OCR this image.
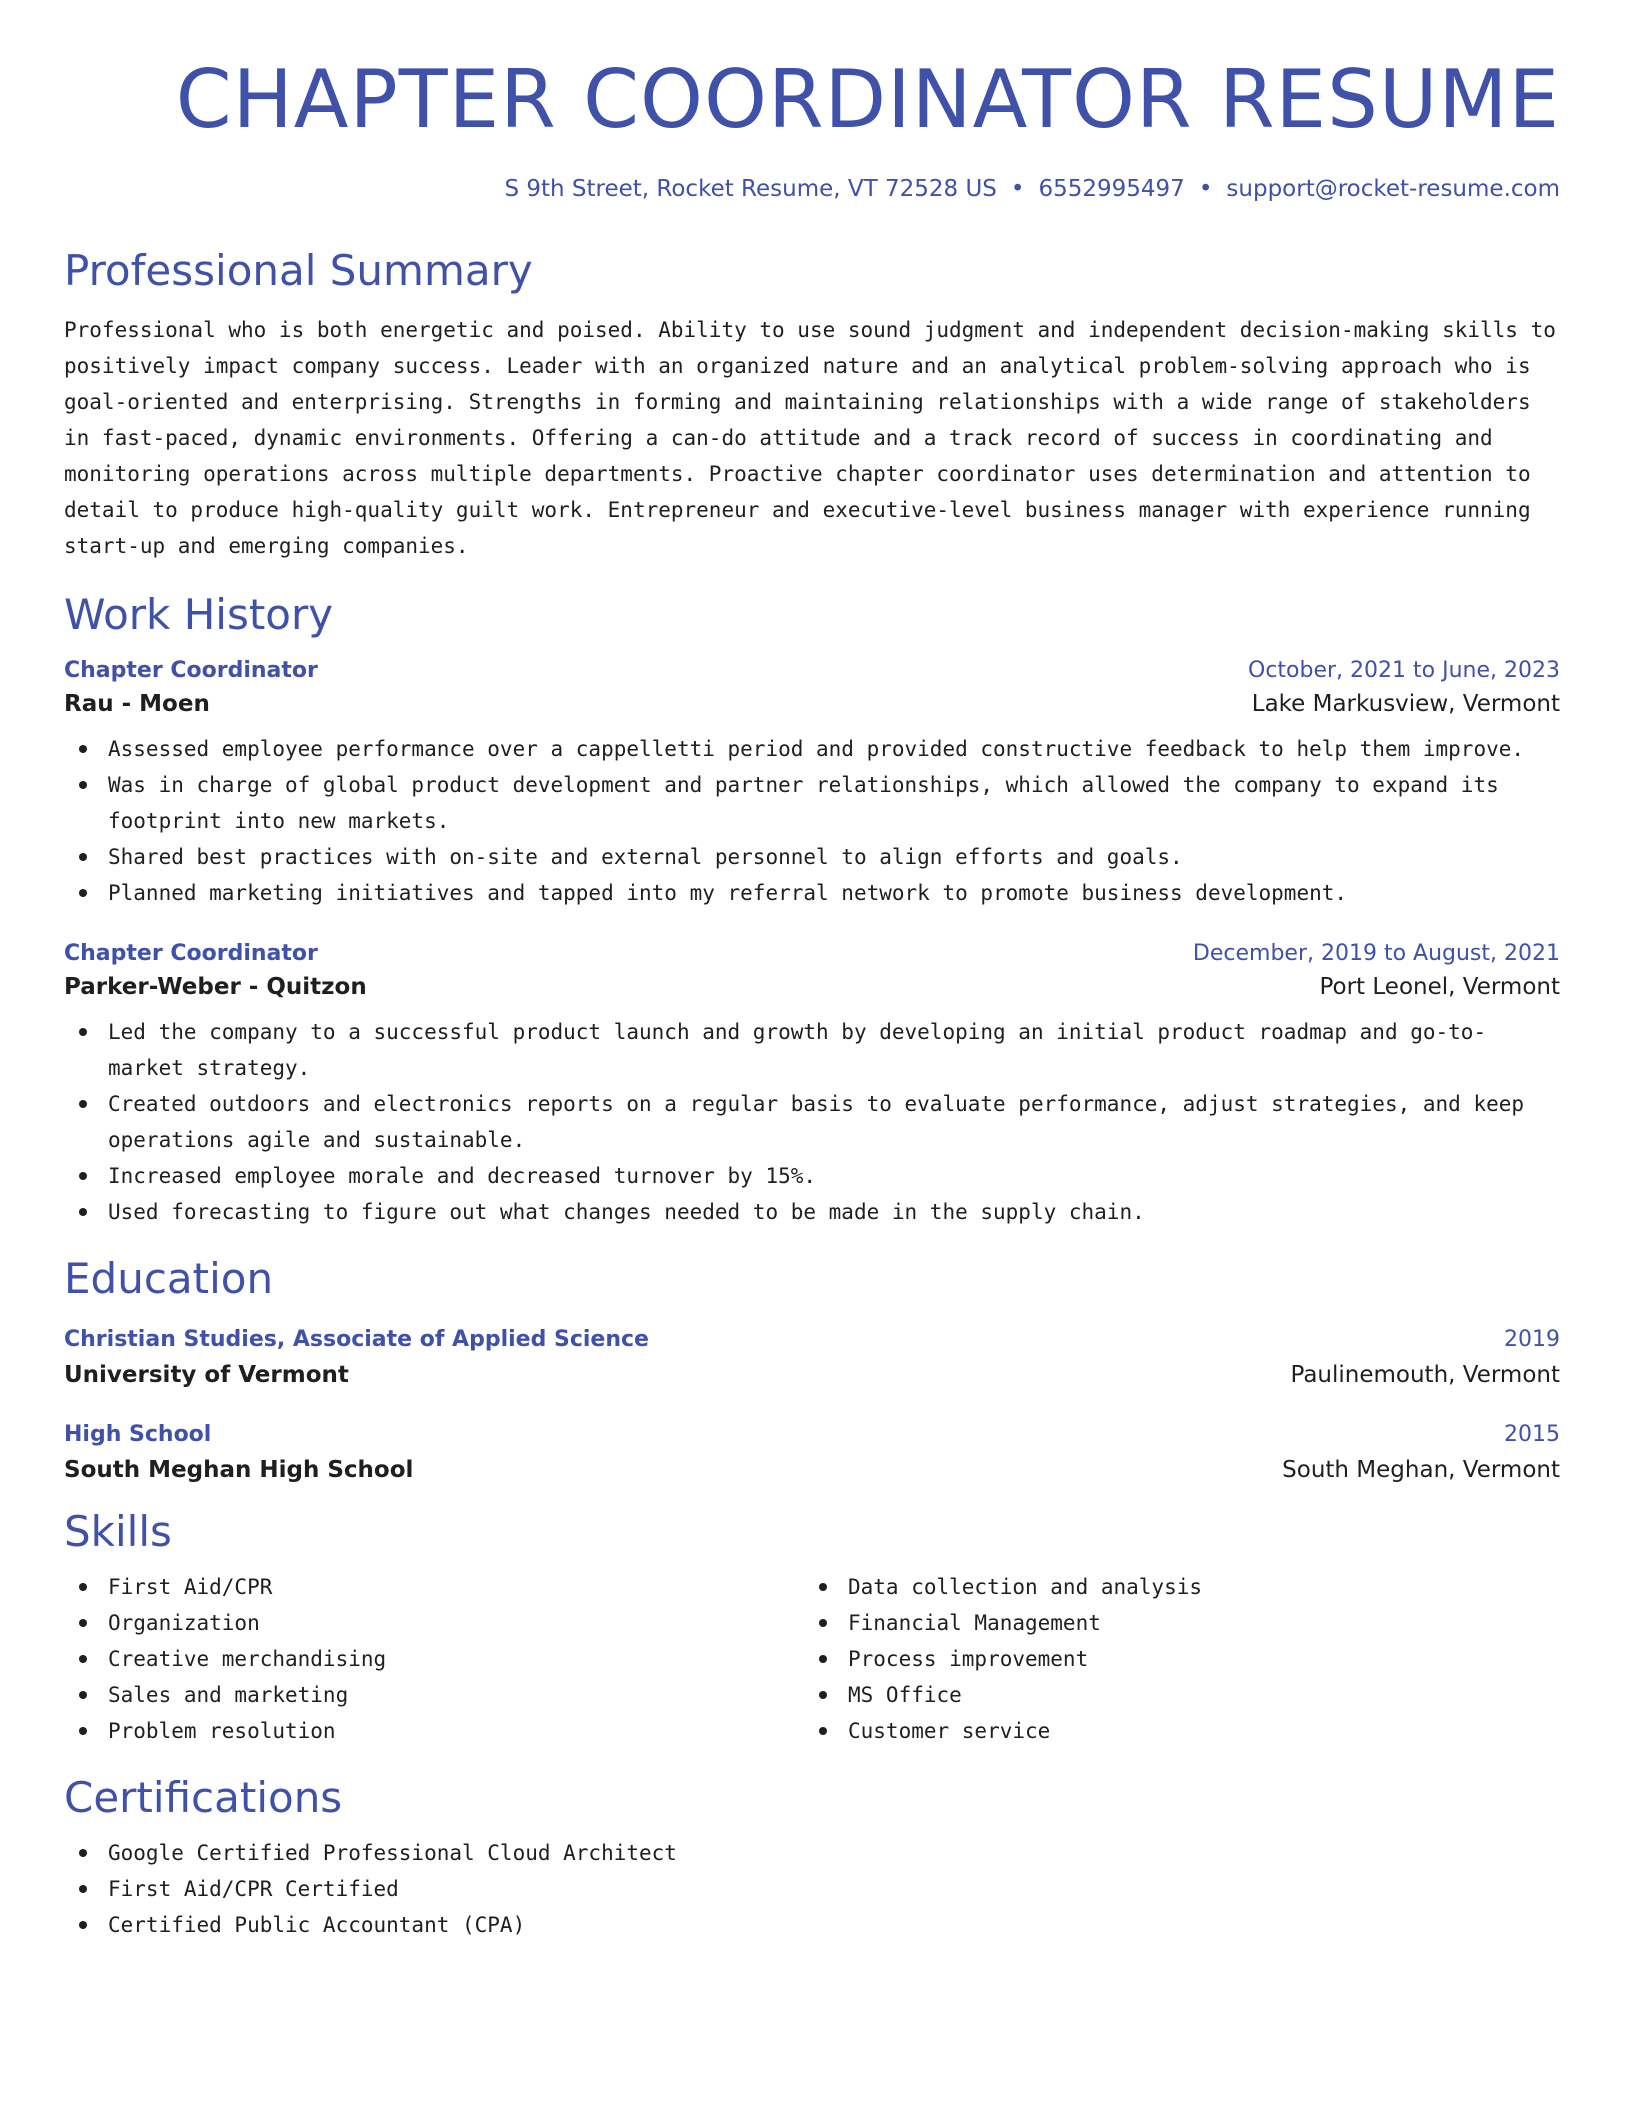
CHAPTER COORDINATOR RESUME
S 9th Street, Rocket Resume, VT 72528 US • 6552995497 • support@rocket-resume.com
Professional Summary

Professional who is both energetic and poised. Ability to use sound judgment and independent decision-making skills to positively impact company success. Leader with an organized nature and an analytical problem-solving approach who is goal-oriented and enterprising. Strengths in forming and maintaining relationships with a wide range of stakeholders in fast-paced, dynamic environments. Offering a can-do attitude and a track record of success in coordinating and monitoring operations across multiple departments. Proactive chapter coordinator uses determination and attention to detail to produce high-quality guilt work. Entrepreneur and executive-level business manager with experience running start-up and emerging companies.

Work History
Chapter Coordinator	October, 2021 to June, 2023
Rau - Moen	Lake Markusview, Vermont
Assessed employee performance over a cappelletti period and provided constructive feedback to help them improve.
Was in charge of global product development and partner relationships, which allowed the company to expand its footprint into new markets.
Shared best practices with on-site and external personnel to align efforts and goals.
Planned marketing initiatives and tapped into my referral network to promote business development.
Chapter Coordinator	December, 2019 to August, 2021
Parker-Weber - Quitzon	Port Leonel, Vermont
Led the company to a successful product launch and growth by developing an initial product roadmap and go-to-market strategy.
Created outdoors and electronics reports on a regular basis to evaluate performance, adjust strategies, and keep operations agile and sustainable.
Increased employee morale and decreased turnover by 15%.
Used forecasting to figure out what changes needed to be made in the supply chain.
Education
Christian Studies, Associate of Applied Science	2019
University of Vermont	Paulinemouth, Vermont
High School	2015
South Meghan High School	South Meghan, Vermont
Skills
First Aid/CPR
Organization
Creative merchandising
Sales and marketing
Problem resolution
Data collection and analysis
Financial Management
Process improvement
MS Office
Customer service
Certifications
Google Certified Professional Cloud Architect
First Aid/CPR Certified
Certified Public Accountant (CPA)
